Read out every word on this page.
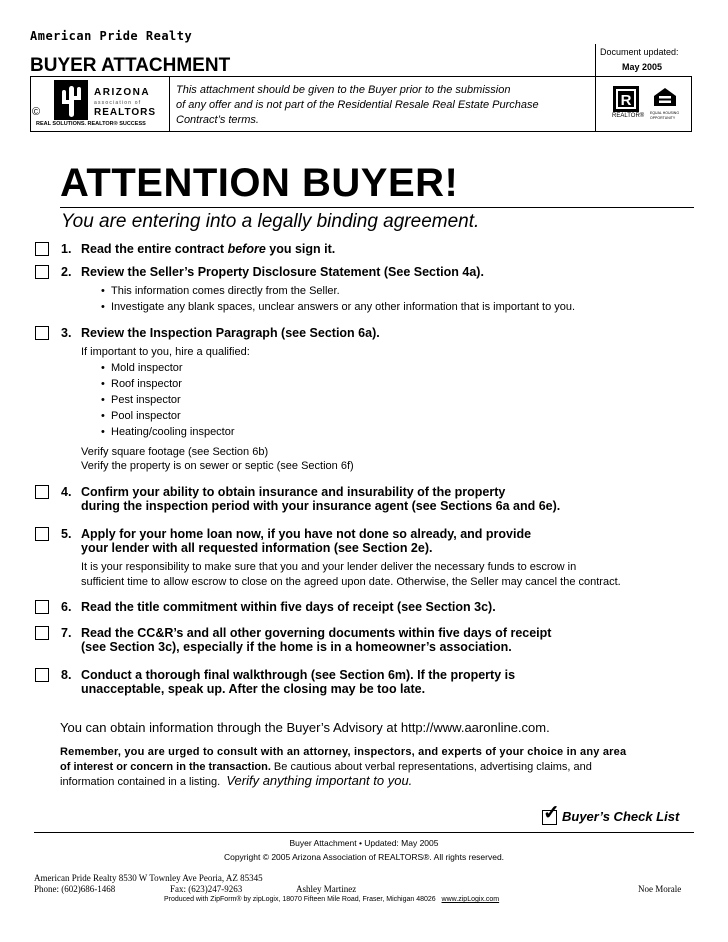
American Pride Realty
BUYER ATTACHMENT
Document updated:
May 2005
©
ARIZONA
association of
REALTORS
REAL SOLUTIONS. REALTOR® SUCCESS
This attachment should be given to the Buyer prior to the submission
of any offer and is not part of the Residential Resale Real Estate Purchase
Contract’s terms.
R
REALTOR® EQUAL HOUSING OPPORTUNITY
ATTENTION BUYER!
You are entering into a legally binding agreement.
1. Read the entire contract before you sign it.
2. Review the Seller’s Property Disclosure Statement (See Section 4a).
• This information comes directly from the Seller.
• Investigate any blank spaces, unclear answers or any other information that is important to you.
3. Review the Inspection Paragraph (see Section 6a).
If important to you, hire a qualified:
• Mold inspector
• Roof inspector
• Pest inspector
• Pool inspector
• Heating/cooling inspector
Verify square footage (see Section 6b)
Verify the property is on sewer or septic (see Section 6f)
4. Confirm your ability to obtain insurance and insurability of the property
during the inspection period with your insurance agent (see Sections 6a and 6e).
5. Apply for your home loan now, if you have not done so already, and provide
your lender with all requested information (see Section 2e).
It is your responsibility to make sure that you and your lender deliver the necessary funds to escrow in
sufficient time to allow escrow to close on the agreed upon date. Otherwise, the Seller may cancel the contract.
6. Read the title commitment within five days of receipt (see Section 3c).
7. Read the CC&R’s and all other governing documents within five days of receipt
(see Section 3c), especially if the home is in a homeowner’s association.
8. Conduct a thorough final walkthrough (see Section 6m). If the property is
unacceptable, speak up. After the closing may be too late.
You can obtain information through the Buyer’s Advisory at http://www.aaronline.com.
Remember, you are urged to consult with an attorney, inspectors, and experts of your choice in any area
of interest or concern in the transaction. Be cautious about verbal representations, advertising claims, and
information contained in a listing. Verify anything important to you.
✓ Buyer’s Check List
Buyer Attachment • Updated: May 2005
Copyright © 2005 Arizona Association of REALTORS®. All rights reserved.
American Pride Realty 8530 W Townley Ave Peoria, AZ 85345
Phone: (602)686-1468	Fax: (623)247-9263	Ashley Martinez	Noe Morale
Produced with ZipForm® by zipLogix, 18070 Fifteen Mile Road, Fraser, Michigan 48026 www.zipLogix.com
